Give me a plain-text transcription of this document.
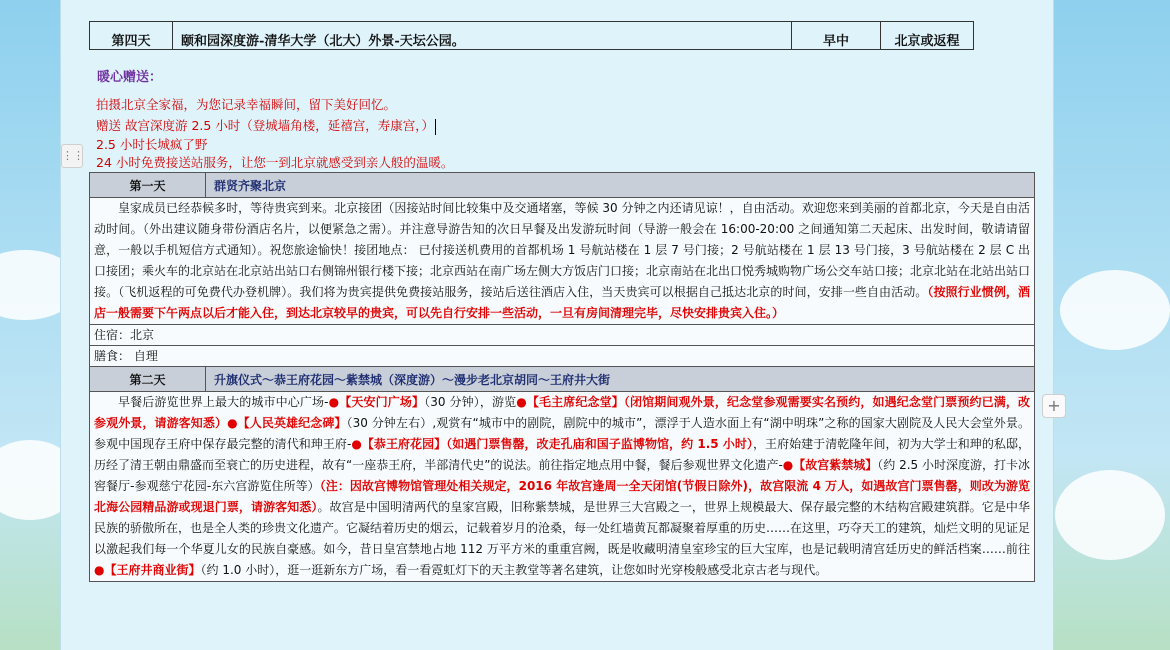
第四天	颐和园深度游-清华大学（北大）外景-天坛公园。	早中	北京或返程
暖心赠送：
拍摄北京全家福，为您记录幸福瞬间，留下美好回忆。
赠送 故宫深度游 2.5 小时（登城墙角楼，延禧宫，寿康宫，）
2.5 小时长城疯了野
24 小时免费接送站服务，让您一到北京就感受到亲人般的温暖。
⋮⋮
+
第一天	群贤齐聚北京

皇家成员已经恭候多时，等待贵宾到来。北京接团（因接站时间比较集中及交通堵塞，等候 30 分钟之内还请见谅！，自由活动。欢迎您来到美丽的首都北京，今天是自由活动时间。（外出建议随身带份酒店名片，以便紧急之需）。并注意导游告知的次日早餐及出发游玩时间（导游一般会在 16:00-20:00 之间通知第二天起床、出发时间，敬请请留意，一般以手机短信方式通知）。祝您旅途愉快！接团地点： 已付接送机费用的首都机场 1 号航站楼在 1 层 7 号门接；2 号航站楼在 1 层 13 号门接，3 号航站楼在 2 层 C 出口接团；乘火车的北京站在北京站出站口右侧锦州银行楼下接；北京西站在南广场左侧大方饭店门口接；北京南站在北出口悦秀城购物广场公交车站口接；北京北站在北站出站口接。（飞机返程的可免费代办登机牌）。我们将为贵宾提供免费接站服务，接站后送往酒店入住，当天贵宾可以根据自己抵达北京的时间，安排一些自由活动。（按照行业惯例，酒店一般需要下午两点以后才能入住，到达北京较早的贵宾，可以先自行安排一些活动，一旦有房间清理完毕，尽快安排贵宾入住。）	

住宿：北京	
膳食： 自理	
第二天	升旗仪式～恭王府花园～紫禁城（深度游）～漫步老北京胡同～王府井大街

早餐后游览世界上最大的城市中心广场-●【天安门广场】（30 分钟），游览●【毛主席纪念堂】（闭馆期间观外景，纪念堂参观需要实名预约，如遇纪念堂门票预约已满，改参观外景，请游客知悉）●【人民英雄纪念碑】（30 分钟左右）,观赏有“城市中的剧院，剧院中的城市”，漂浮于人造水面上有“湖中明珠”之称的国家大剧院及人民大会堂外景。参观中国现存王府中保存最完整的清代和珅王府-●【恭王府花园】（如遇门票售罄，改走孔庙和国子监博物馆，约 1.5 小时），王府始建于清乾隆年间，初为大学士和珅的私邸，历经了清王朝由鼎盛而至衰亡的历史进程，故有“一座恭王府，半部清代史”的说法。前往指定地点用中餐，餐后参观世界文化遗产-●【故宫紫禁城】（约 2.5 小时深度游，打卡冰窖餐厅-参观慈宁花园-东六宫游览住所等）（注：因故宫博物馆管理处相关规定，2016 年故宫逢周一全天闭馆(节假日除外)，故宫限流 4 万人，如遇故宫门票售罄，则改为游览北海公园精品游或现退门票，请游客知悉）。故宫是中国明清两代的皇家宫殿，旧称紫禁城，是世界三大宫殿之一，世界上规模最大、保存最完整的木结构宫殿建筑群。它是中华民族的骄傲所在，也是全人类的珍贵文化遗产。它凝结着历史的烟云，记载着岁月的沧桑，每一处红墙黄瓦都凝聚着厚重的历史……在这里，巧夺天工的建筑，灿烂文明的见证足以激起我们每一个华夏儿女的民族自豪感。如今，昔日皇宫禁地占地 112 万平方米的重重宫阙，既是收藏明清皇室珍宝的巨大宝库，也是记载明清宫廷历史的鲜活档案……前往●【王府井商业街】（约 1.0 小时），逛一逛新东方广场，看一看霓虹灯下的天主教堂等著名建筑，让您如时光穿梭般感受北京古老与现代。	
